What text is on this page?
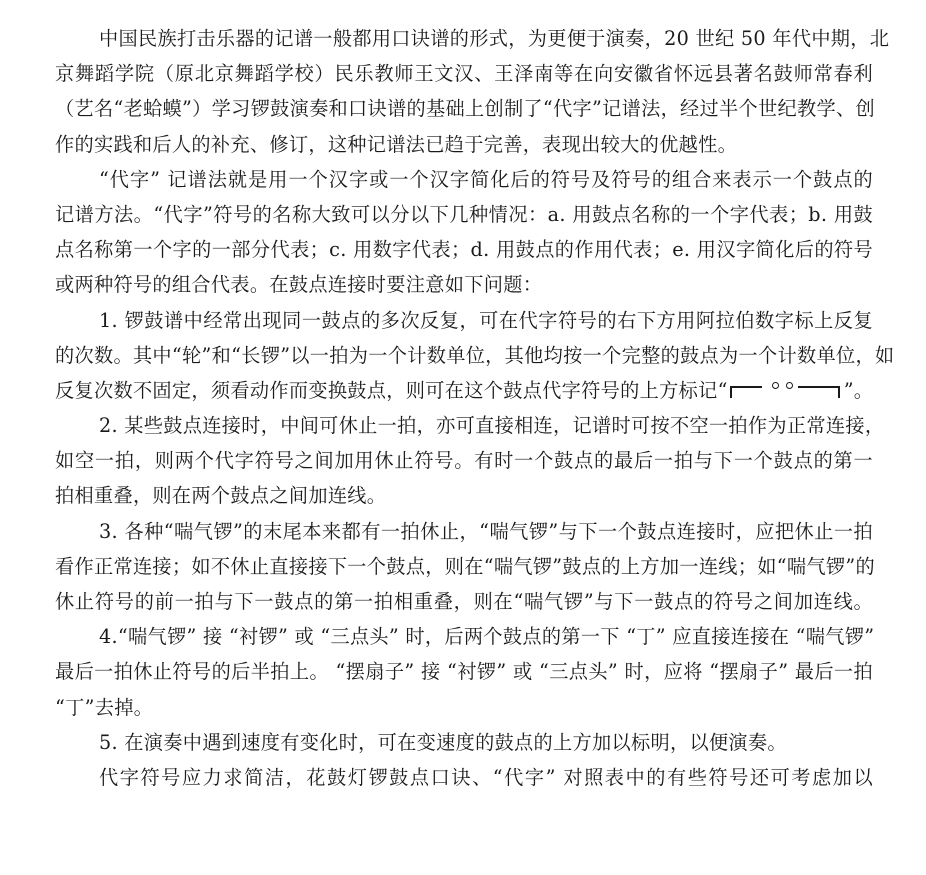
中国民族打击乐器的记谱一般都用口诀谱的形式，为更便于演奏，20 世纪 50 年代中期，北
京舞蹈学院（原北京舞蹈学校）民乐教师王文汉、王泽南等在向安徽省怀远县著名鼓师常春利
（艺名“老蛤蟆”）学习锣鼓演奏和口诀谱的基础上创制了“代字”记谱法，经过半个世纪教学、创
作的实践和后人的补充、修订，这种记谱法已趋于完善，表现出较大的优越性。
“代字” 记谱法就是用一个汉字或一个汉字简化后的符号及符号的组合来表示一个鼓点的
记谱方法。“代字”符号的名称大致可以分以下几种情况：a. 用鼓点名称的一个字代表；b. 用鼓
点名称第一个字的一部分代表；c. 用数字代表；d. 用鼓点的作用代表；e. 用汉字简化后的符号
或两种符号的组合代表。在鼓点连接时要注意如下问题：
1. 锣鼓谱中经常出现同一鼓点的多次反复，可在代字符号的右下方用阿拉伯数字标上反复
的次数。其中“轮”和“长锣”以一拍为一个计数单位，其他均按一个完整的鼓点为一个计数单位，如
反复次数不固定，须看动作而变换鼓点，则可在这个鼓点代字符号的上方标记“	”。
2. 某些鼓点连接时，中间可休止一拍，亦可直接相连，记谱时可按不空一拍作为正常连接，
如空一拍，则两个代字符号之间加用休止符号。有时一个鼓点的最后一拍与下一个鼓点的第一
拍相重叠，则在两个鼓点之间加连线。
3. 各种“喘气锣”的末尾本来都有一拍休止，“喘气锣”与下一个鼓点连接时，应把休止一拍
看作正常连接；如不休止直接接下一个鼓点，则在“喘气锣”鼓点的上方加一连线；如“喘气锣”的
休止符号的前一拍与下一鼓点的第一拍相重叠，则在“喘气锣”与下一鼓点的符号之间加连线。
4.“喘气锣” 接 “衬锣” 或 “三点头” 时，后两个鼓点的第一下 “丁” 应直接连接在 “喘气锣”
最后一拍休止符号的后半拍上。 “摆扇子” 接 “衬锣” 或 “三点头” 时，应将 “摆扇子” 最后一拍
“丁”去掉。
5. 在演奏中遇到速度有变化时，可在变速度的鼓点的上方加以标明，以便演奏。
代字符号应力求简洁，花鼓灯锣鼓点口诀、“代字” 对照表中的有些符号还可考虑加以
